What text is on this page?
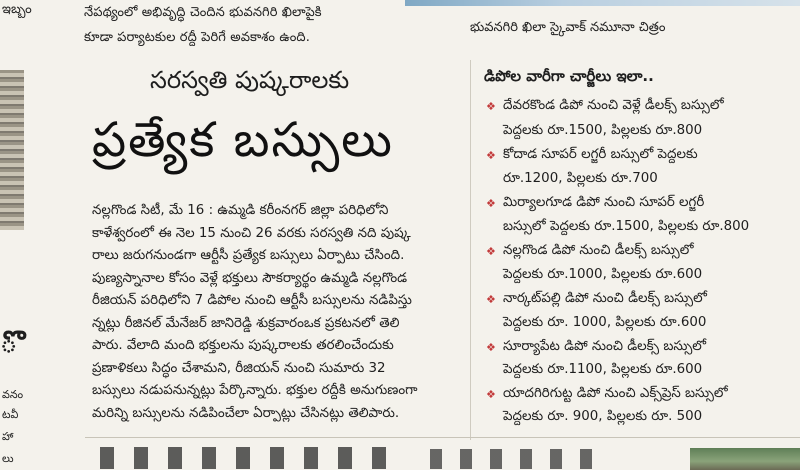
ఇబ్బం	నేపథ్యంలో అభివృద్ధి చెందిన భువనగిరి ఖిలాపైకి
కూడా పర్యాటకుల రద్దీ పెరిగే అవకాశం ఉంది.
భువనగిరి ఖిలా స్కైవాక్ నమూనా చిత్రం
ొ
వనం
టవీ
హా
లు
సరస్వతి పుష్కరాలకు
ప్రత్యేక బస్సులు
నల్లగొండ సిటీ, మే 16 : ఉమ్మడి కరీంనగర్ జిల్లా పరిధిలోని
కాళేశ్వరంలో ఈ నెల 15 నుంచి 26 వరకు సరస్వతి నది పుష్క
రాలు జరుగనుండగా ఆర్టీసీ ప్రత్యేక బస్సులు ఏర్పాటు చేసింది.
పుణ్యస్నానాల కోసం వెళ్లే భక్తులు సౌకర్యార్థం ఉమ్మడి నల్లగొండ
రీజియన్ పరిధిలోని 7 డిపోల నుంచి ఆర్టీసీ బస్సులను నడిపిస్తు
న్నట్లు రీజినల్ మేనేజర్ జానిరెడ్డి శుక్రవారంఒక ప్రకటనలో తెలి
పారు. వేలాది మంది భక్తులను పుష్కరాలకు తరలించేందుకు
ప్రణాళికలు సిద్ధం చేశామని, రీజియన్ నుంచి సుమారు 32
బస్సులు నడుపనున్నట్లు పేర్కొన్నారు. భక్తుల రద్దీకి అనుగుణంగా
మరిన్ని బస్సులను నడిపించేలా ఏర్పాట్లు చేసినట్లు తెలిపారు.
డిపోల వారీగా చార్జీలు ఇలా..
❖ దేవరకొండ డిపో నుంచి వెళ్లే డీలక్స్ బస్సులో
పెద్దలకు రూ.1500, పిల్లలకు రూ.800
❖ కోదాడ సూపర్ లగ్జరీ బస్సులో పెద్దలకు
రూ.1200, పిల్లలకు రూ.700
❖ మిర్యాలగూడ డిపో నుంచి సూపర్ లగ్జరీ
బస్సులో పెద్దలకు రూ.1500, పిల్లలకు రూ.800
❖ నల్లగొండ డిపో నుంచి డీలక్స్ బస్సులో
పెద్దలకు రూ.1000, పిల్లలకు రూ.600
❖ నార్కట్‌పల్లి డిపో నుంచి డీలక్స్ బస్సులో
పెద్దలకు రూ. 1000, పిల్లలకు రూ.600
❖ సూర్యాపేట డిపో నుంచి డీలక్స్ బస్సులో
పెద్దలకు రూ.1100, పిల్లలకు రూ.600
❖ యాదగిరిగుట్ట డిపో నుంచి ఎక్స్‌ప్రెస్ బస్సులో
పెద్దలకు రూ. 900, పిల్లలకు రూ. 500
